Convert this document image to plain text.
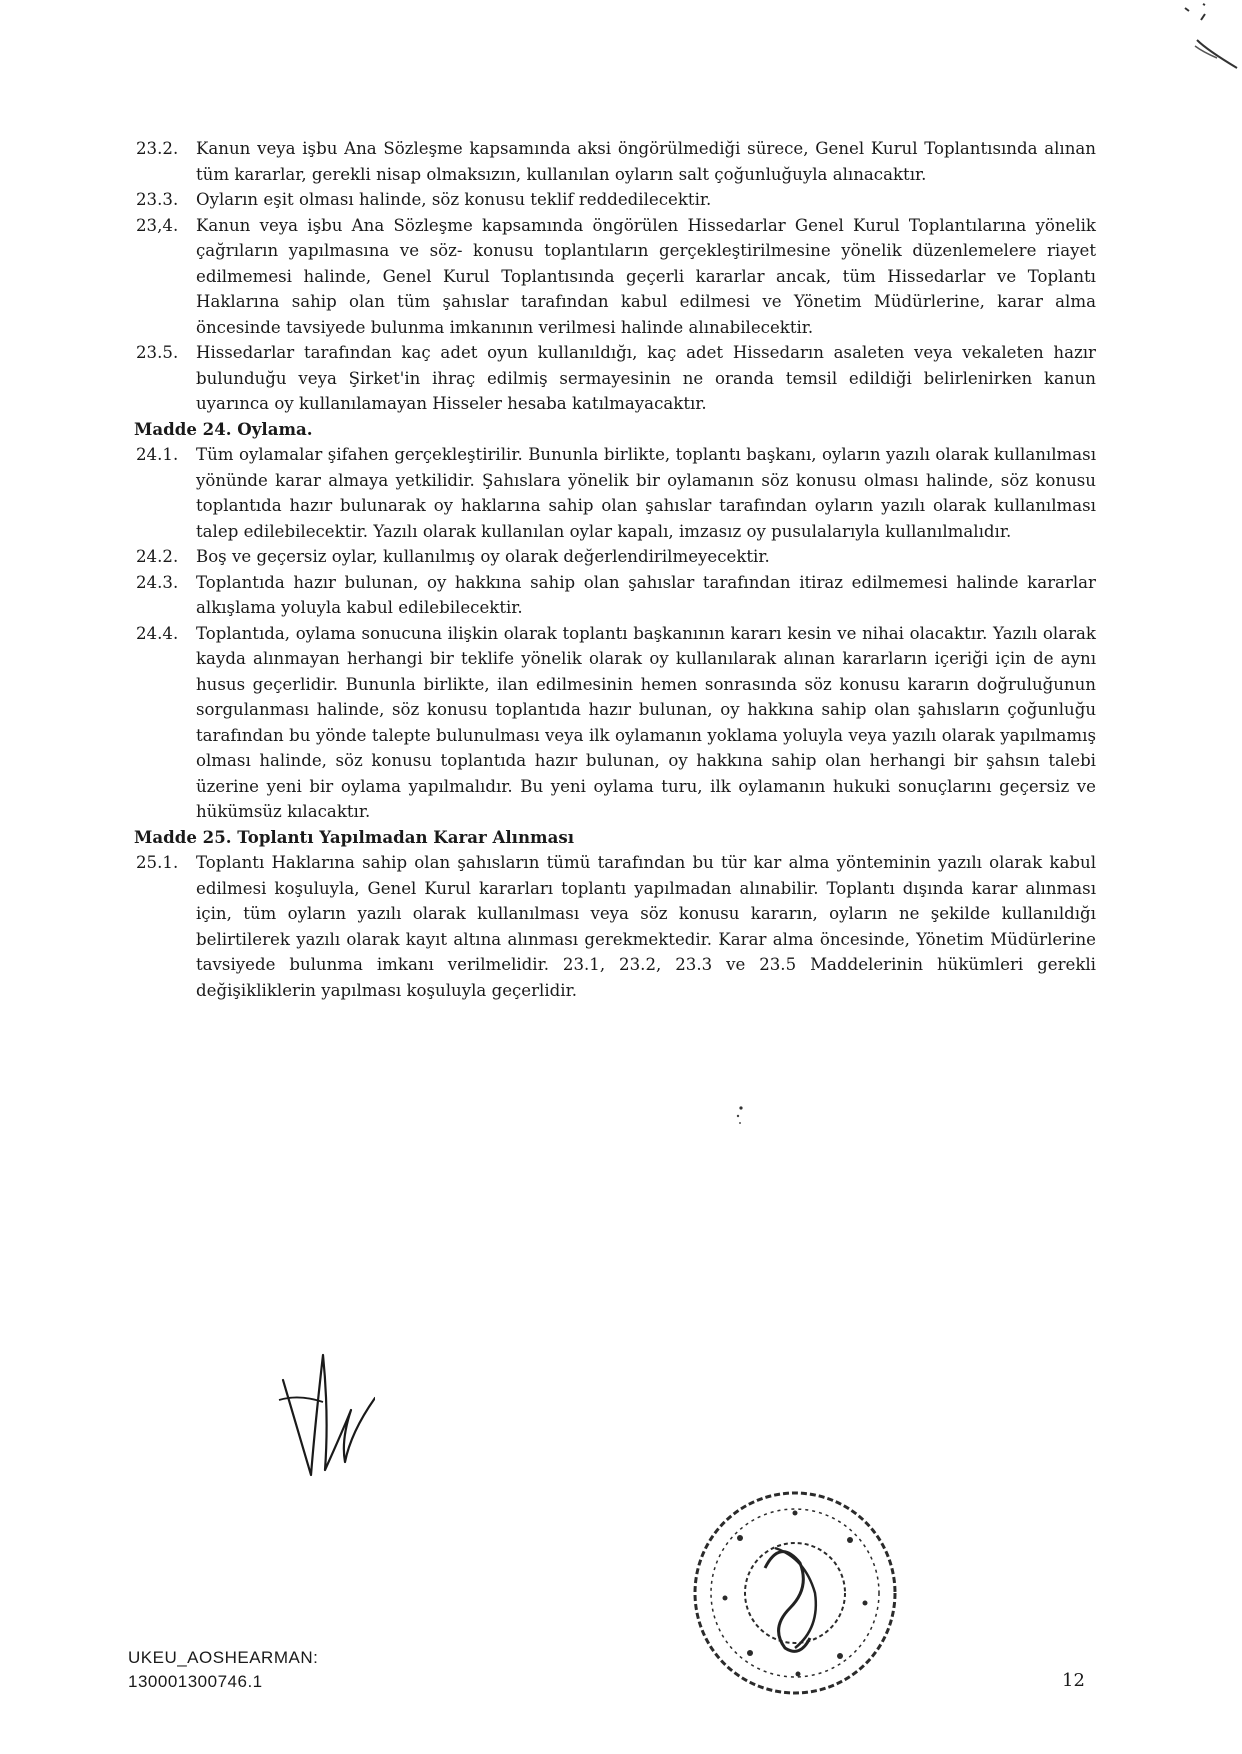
23.2.	Kanun veya işbu Ana Sözleşme kapsamında aksi öngörülmediği sürece, Genel Kurul Toplantısında alınan tüm kararlar, gerekli nisap olmaksızın, kullanılan oyların salt çoğunluğuyla alınacaktır.
23.3.	Oyların eşit olması halinde, söz konusu teklif reddedilecektir.
23,4.	Kanun veya işbu Ana Sözleşme kapsamında öngörülen Hissedarlar Genel Kurul Toplantılarına yönelik çağrıların yapılmasına ve söz- konusu toplantıların gerçekleştirilmesine yönelik düzenlemelere riayet edilmemesi halinde, Genel Kurul Toplantısında geçerli kararlar ancak, tüm Hissedarlar ve Toplantı Haklarına sahip olan tüm şahıslar tarafından kabul edilmesi ve Yönetim Müdürlerine, karar alma öncesinde tavsiyede bulunma imkanının verilmesi halinde alınabilecektir.
23.5.	Hissedarlar tarafından kaç adet oyun kullanıldığı, kaç adet Hissedarın asaleten veya vekaleten hazır bulunduğu veya Şirket'in ihraç edilmiş sermayesinin ne oranda temsil edildiği belirlenirken kanun uyarınca oy kullanılamayan Hisseler hesaba katılmayacaktır.
Madde 24. Oylama.
24.1.	Tüm oylamalar şifahen gerçekleştirilir. Bununla birlikte, toplantı başkanı, oyların yazılı olarak kullanılması yönünde karar almaya yetkilidir. Şahıslara yönelik bir oylamanın söz konusu olması halinde, söz konusu toplantıda hazır bulunarak oy haklarına sahip olan şahıslar tarafından oyların yazılı olarak kullanılması talep edilebilecektir. Yazılı olarak kullanılan oylar kapalı, imzasız oy pusulalarıyla kullanılmalıdır.
24.2.	Boş ve geçersiz oylar, kullanılmış oy olarak değerlendirilmeyecektir.
24.3.	Toplantıda hazır bulunan, oy hakkına sahip olan şahıslar tarafından itiraz edilmemesi halinde kararlar alkışlama yoluyla kabul edilebilecektir.
24.4.	Toplantıda, oylama sonucuna ilişkin olarak toplantı başkanının kararı kesin ve nihai olacaktır. Yazılı olarak kayda alınmayan herhangi bir teklife yönelik olarak oy kullanılarak alınan kararların içeriği için de aynı husus geçerlidir. Bununla birlikte, ilan edilmesinin hemen sonrasında söz konusu kararın doğruluğunun sorgulanması halinde, söz konusu toplantıda hazır bulunan, oy hakkına sahip olan şahısların çoğunluğu tarafından bu yönde talepte bulunulması veya ilk oylamanın yoklama yoluyla veya yazılı olarak yapılmamış olması halinde, söz konusu toplantıda hazır bulunan, oy hakkına sahip olan herhangi bir şahsın talebi üzerine yeni bir oylama yapılmalıdır. Bu yeni oylama turu, ilk oylamanın hukuki sonuçlarını geçersiz ve hükümsüz kılacaktır.
Madde 25. Toplantı Yapılmadan Karar Alınması
25.1.	Toplantı Haklarına sahip olan şahısların tümü tarafından bu tür kar alma yönteminin yazılı olarak kabul edilmesi koşuluyla, Genel Kurul kararları toplantı yapılmadan alınabilir. Toplantı dışında karar alınması için, tüm oyların yazılı olarak kullanılması veya söz konusu kararın, oyların ne şekilde kullanıldığı belirtilerek yazılı olarak kayıt altına alınması gerekmektedir. Karar alma öncesinde, Yönetim Müdürlerine tavsiyede bulunma imkanı verilmelidir. 23.1, 23.2, 23.3 ve 23.5 Maddelerinin hükümleri gerekli değişikliklerin yapılması koşuluyla geçerlidir.
UKEU_AOSHEARMAN:
130001300746.1	12
